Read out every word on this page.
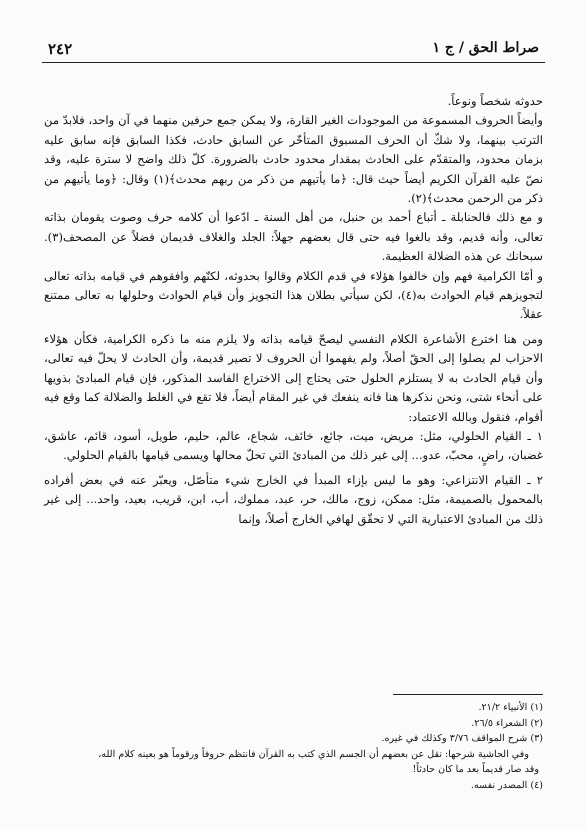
صراط الحق / ج ١
٢٤٢

حدوثه شخصاً ونوعاً.

وأيضاً الحروف المسموعة من الموجودات الغير القارة، ولا يمكن جمع حرفين منهما في آن واحد، فلابدّ من الترتب بينهما، ولا شكّ أن الحرف المسبوق المتأخّر عن السابق حادث، فكذا السابق فإنه سابق عليه بزمان محدود، والمتقدّم على الحادث بمقدار محدود حادث بالضرورة. كلّ ذلك واضح لا سترة عليه، وقد نصّ عليه القرآن الكريم أيضاً حيث قال: ﴿ما يأتيهم من ذكر من ربهم محدث﴾(١) وقال: ﴿وما يأتيهم من ذكر من الرحمن محدث﴾(٢).

و مع ذلك فالحنابلة ـ أتباع أحمد بن حنبل، من أهل السنة ـ ادّعوا أن كلامه حرف وصوت يقومان بذاته تعالى، وأنه قديم، وقد بالغوا فيه حتى قال بعضهم جهلاً: الجلد والغلاف قديمان فضلاً عن المصحف(٣). سبحانك عن هذه الضلالة العظيمة.

و أمّا الكرامية فهم وإن خالفوا هؤلاء في قدم الكلام وقالوا بحدوثه، لكنّهم وافقوهم في قيامه بذاته تعالى لتجويزهم قيام الحوادث به(٤)، لكن سيأتي بطلان هذا التجويز وأن قيام الحوادث وحلولها به تعالى ممتنع عقلاً.

ومن هنا اخترع الأشاعرة الكلام النفسي ليصحّ قيامه بذاته ولا يلزم منه ما ذكره الكرامية، فكأن هؤلاء الاحزاب لم يصلوا إلى الحقّ أصلاً، ولم يفهموا أن الحروف لا تصير قديمة، وأن الحادث لا يحلّ فيه تعالى، وأن قيام الحادث به لا يستلزم الحلول حتى يحتاج إلى الاختراع الفاسد المذكور، فإن قيام المبادئ بذويها على أنحاء شتى، ونحن نذكرها هنا فانه ينفعك في غير المقام أيضاً، فلا تقع في الغلط والضلالة كما وقع فيه أقوام، فنقول وبالله الاعتماد:

١ ـ القيام الحلولي، مثل: مريض، ميت، جائع، خائف، شجاع، عالم، حليم، طويل، أسود، قائم، عاشق، غضبان، راضٍ، محبّ، عدو... إلى غير ذلك من المبادئ التي تحلّ محالها ويسمى قيامها بالقيام الحلولي.

٢ ـ القيام الانتزاعي: وهو ما ليس بإزاء المبدأ في الخارج شيء متأصّل، ويعبّر عنه في بعض أفراده بالمحمول بالصميمة، مثل: ممكن، زوج، مالك، حر، عبد، مملوك، أب، ابن، قريب، بعيد، واحد... إلى غير ذلك من المبادئ الاعتبارية التي لا تحقّق لهافي الخارج أصلاً، وإنما

(١) الأنبياء ٢١/٢.
(٢) الشعراء ٢٦/٥.
(٣) شرح المواقف ٣/٧٦ وكذلك في غيره.
وفي الحاشية شرحها: نقل عن بعضهم أن الجسم الذي كتب به القرآن فانتظم حروفاً ورقوماً هو بعينه كلام الله،
وقد صار قديماً بعد ما كان حادثاً!
(٤) المصدر نفسه.
